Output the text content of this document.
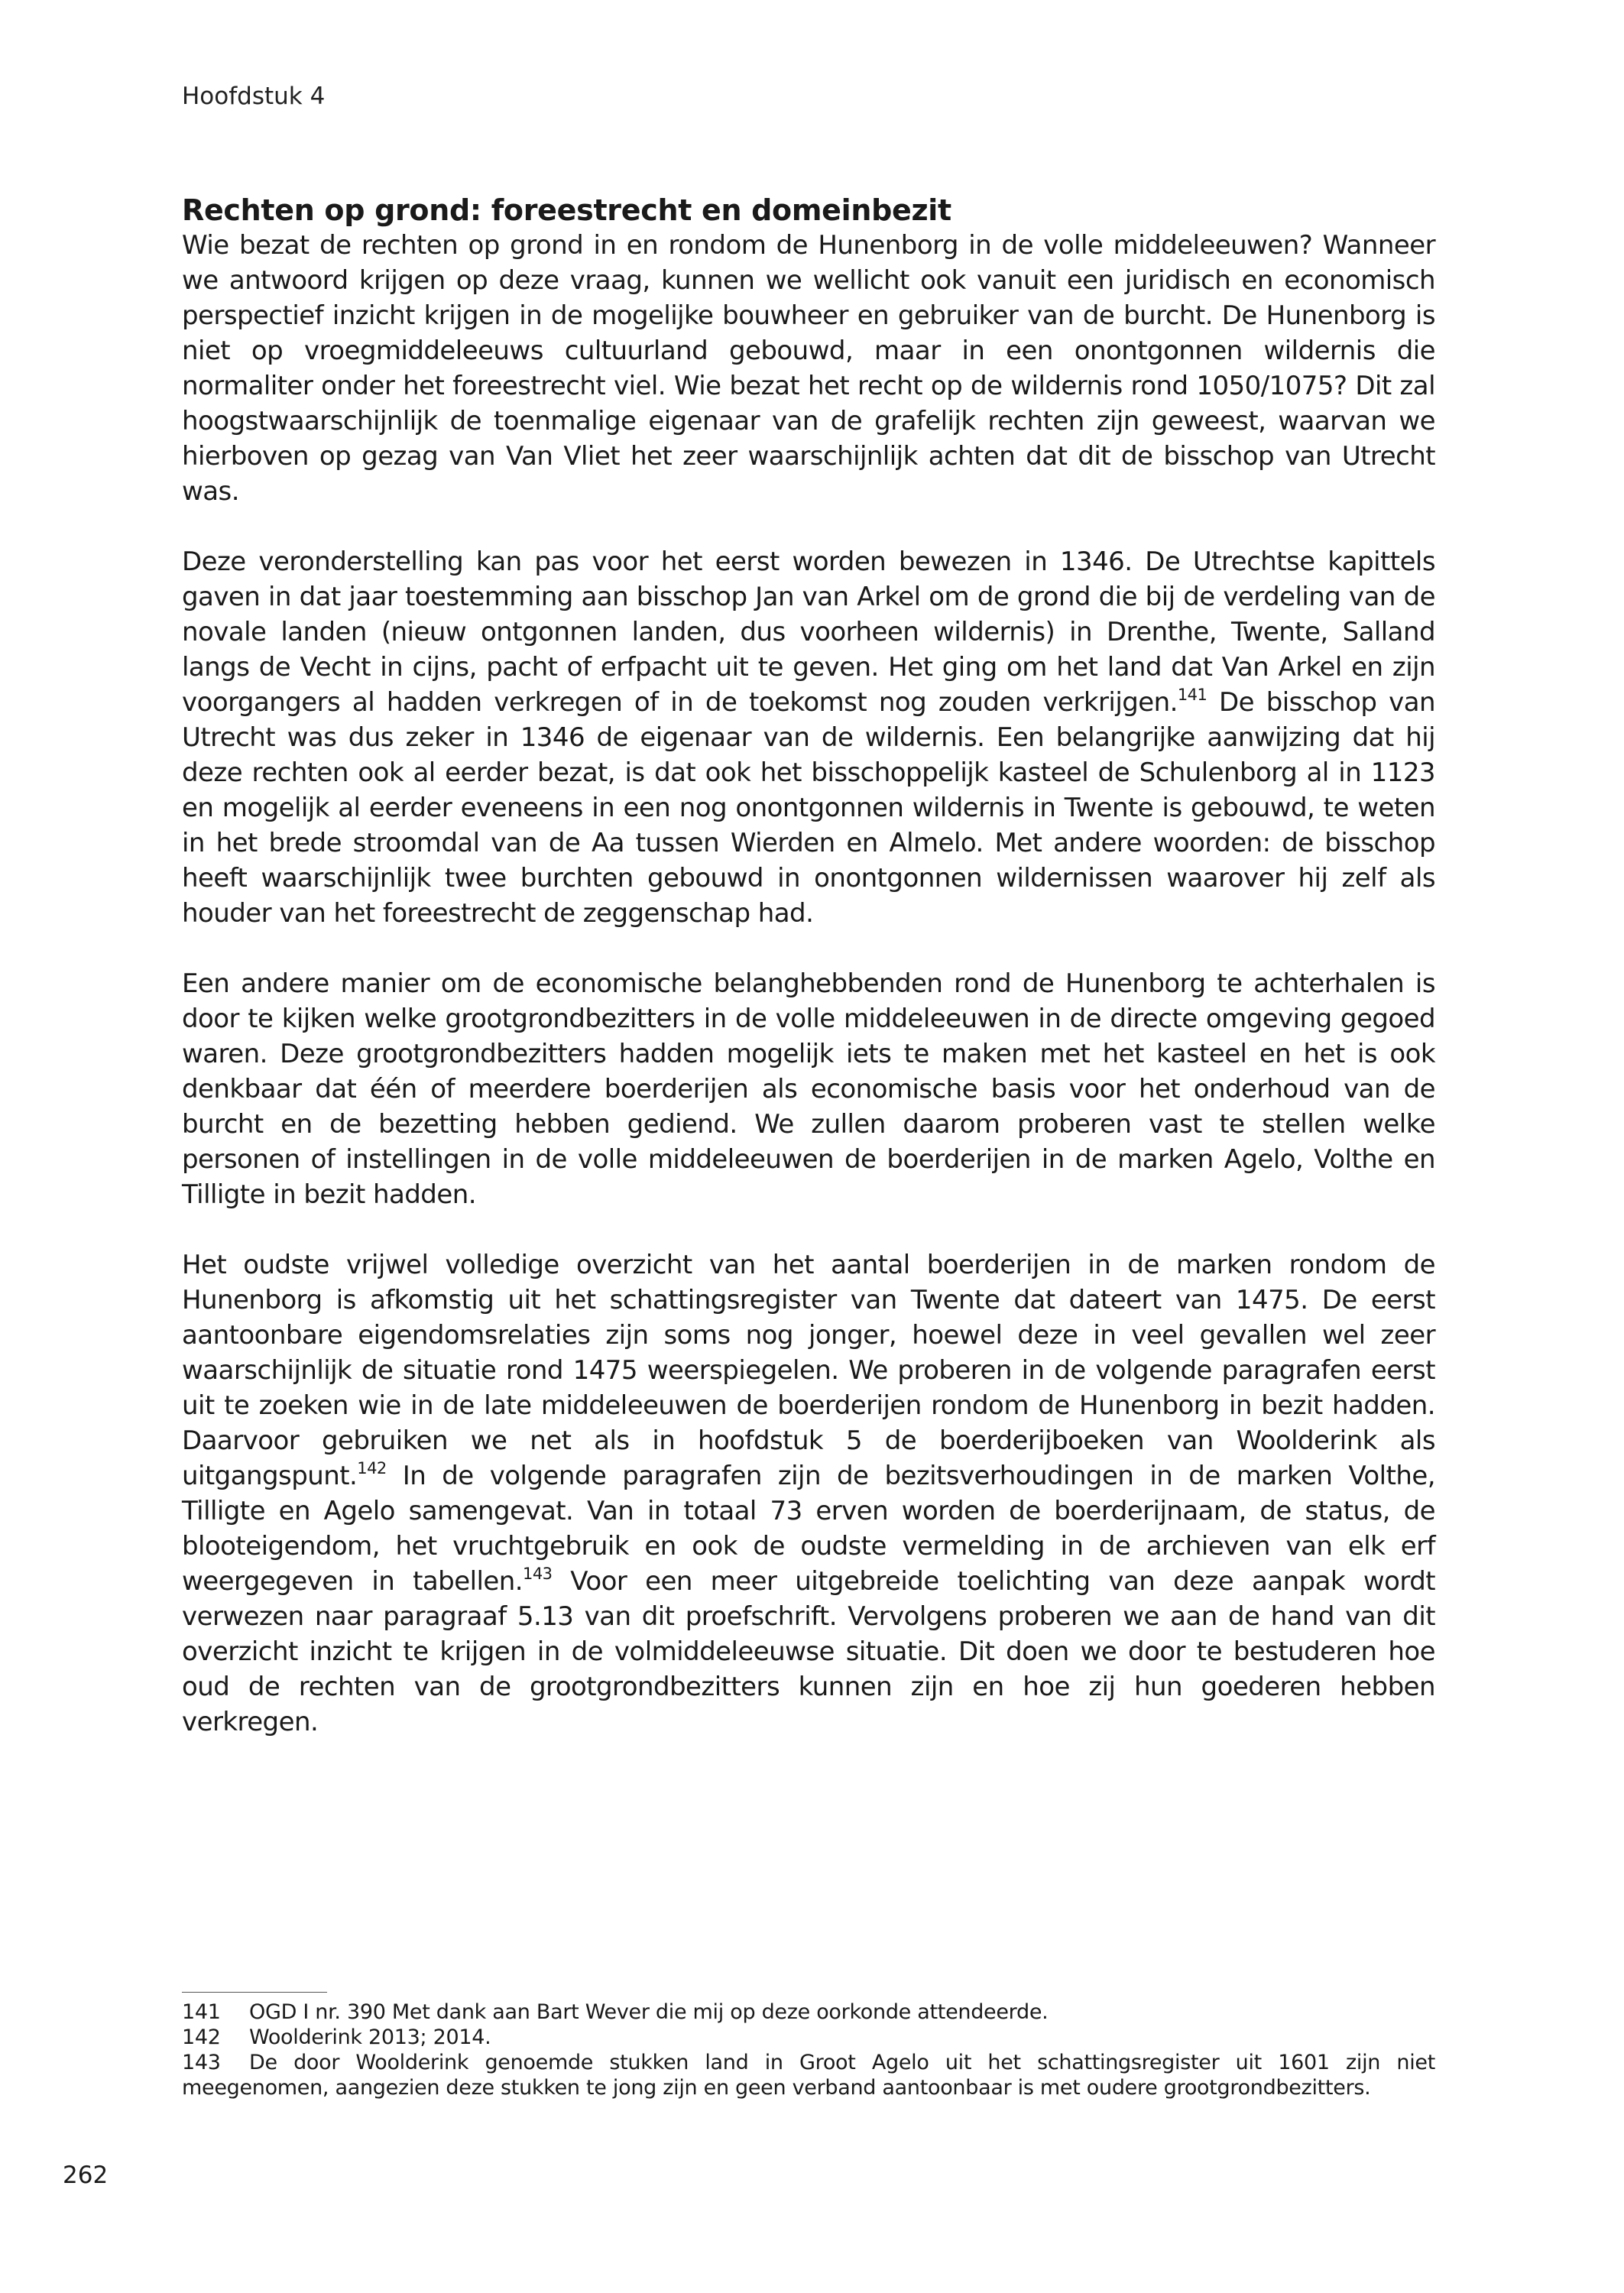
Hoofdstuk 4
Rechten op grond: foreestrecht en domeinbezit

Wie bezat de rechten op grond in en rondom de Hunenborg in de volle middeleeuwen? Wanneer we antwoord krijgen op deze vraag, kunnen we wellicht ook vanuit een juridisch en economisch perspectief inzicht krijgen in de mogelijke bouwheer en gebruiker van de burcht. De Hunenborg is niet op vroegmiddeleeuws cultuurland gebouwd, maar in een onontgonnen wildernis die normaliter onder het foreestrecht viel. Wie bezat het recht op de wildernis rond 1050/1075? Dit zal hoogstwaarschijnlijk de toenmalige eigenaar van de grafelijk rechten zijn geweest, waarvan we hierboven op gezag van Van Vliet het zeer waarschijnlijk achten dat dit de bisschop van Utrecht was.

Deze veronderstelling kan pas voor het eerst worden bewezen in 1346. De Utrechtse kapittels gaven in dat jaar toestemming aan bisschop Jan van Arkel om de grond die bij de verdeling van de novale landen (nieuw ontgonnen landen, dus voorheen wildernis) in Drenthe, Twente, Salland langs de Vecht in cijns, pacht of erfpacht uit te geven. Het ging om het land dat Van Arkel en zijn voorgangers al hadden verkregen of in de toekomst nog zouden verkrijgen.$^{141}$ De bisschop van Utrecht was dus zeker in 1346 de eigenaar van de wildernis. Een belangrijke aanwijzing dat hij deze rechten ook al eerder bezat, is dat ook het bisschoppelijk kasteel de Schulenborg al in 1123 en mogelijk al eerder eveneens in een nog onontgonnen wildernis in Twente is gebouwd, te weten in het brede stroomdal van de Aa tussen Wierden en Almelo. Met andere woorden: de bisschop heeft waarschijnlijk twee burchten gebouwd in onontgonnen wildernissen waarover hij zelf als houder van het foreestrecht de zeggenschap had.

Een andere manier om de economische belanghebbenden rond de Hunenborg te achterhalen is door te kijken welke grootgrondbezitters in de volle middeleeuwen in de directe omgeving gegoed waren. Deze grootgrondbezitters hadden mogelijk iets te maken met het kasteel en het is ook denkbaar dat één of meerdere boerderijen als economische basis voor het onderhoud van de burcht en de bezetting hebben gediend. We zullen daarom proberen vast te stellen welke personen of instellingen in de volle middeleeuwen de boerderijen in de marken Agelo, Volthe en Tilligte in bezit hadden.

Het oudste vrijwel volledige overzicht van het aantal boerderijen in de marken rondom de Hunenborg is afkomstig uit het schattingsregister van Twente dat dateert van 1475. De eerst aantoonbare eigendomsrelaties zijn soms nog jonger, hoewel deze in veel gevallen wel zeer waarschijnlijk de situatie rond 1475 weerspiegelen. We proberen in de volgende paragrafen eerst uit te zoeken wie in de late middeleeuwen de boerderijen rondom de Hunenborg in bezit hadden. Daarvoor gebruiken we net als in hoofdstuk 5 de boerderijboeken van Woolderink als uitgangspunt.$^{142}$ In de volgende paragrafen zijn de bezitsverhoudingen in de marken Volthe, Tilligte en Agelo samengevat. Van in totaal 73 erven worden de boerderijnaam, de status, de blooteigendom, het vruchtgebruik en ook de oudste vermelding in de archieven van elk erf weergegeven in tabellen.$^{143}$ Voor een meer uitgebreide toelichting van deze aanpak wordt verwezen naar paragraaf 5.13 van dit proefschrift. Vervolgens proberen we aan de hand van dit overzicht inzicht te krijgen in de volmiddeleeuwse situatie. Dit doen we door te bestuderen hoe oud de rechten van de grootgrondbezitters kunnen zijn en hoe zij hun goederen hebben verkregen.

141 OGD I nr. 390 Met dank aan Bart Wever die mij op deze oorkonde attendeerde.

142 Woolderink 2013; 2014.

143 De door Woolderink genoemde stukken land in Groot Agelo uit het schattingsregister uit 1601 zijn niet meegenomen, aangezien deze stukken te jong zijn en geen verband aantoonbaar is met oudere grootgrondbezitters.

262
